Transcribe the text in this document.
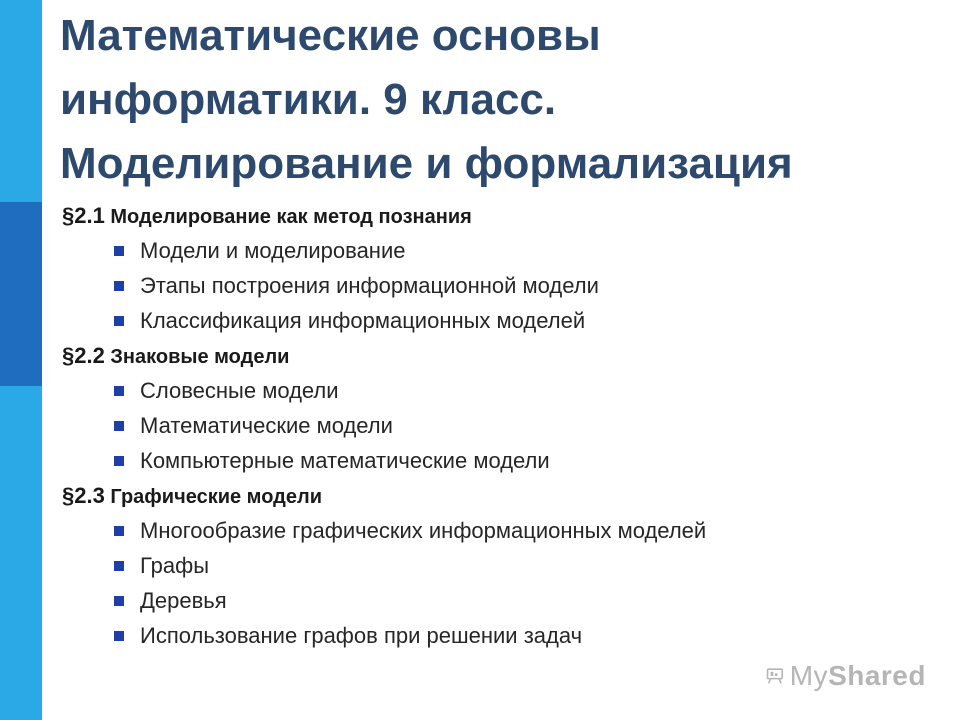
Математические основы
информатики. 9 класс.
Моделирование и формализация
§2.1 Моделирование как метод познания
Модели и моделирование
Этапы построения информационной модели
Классификация информационных моделей
§2.2 Знаковые модели
Словесные модели
Математические модели
Компьютерные математические модели
§2.3 Графические модели
Многообразие графических информационных моделей
Графы
Деревья
Использование графов при решении задач
MyShared
